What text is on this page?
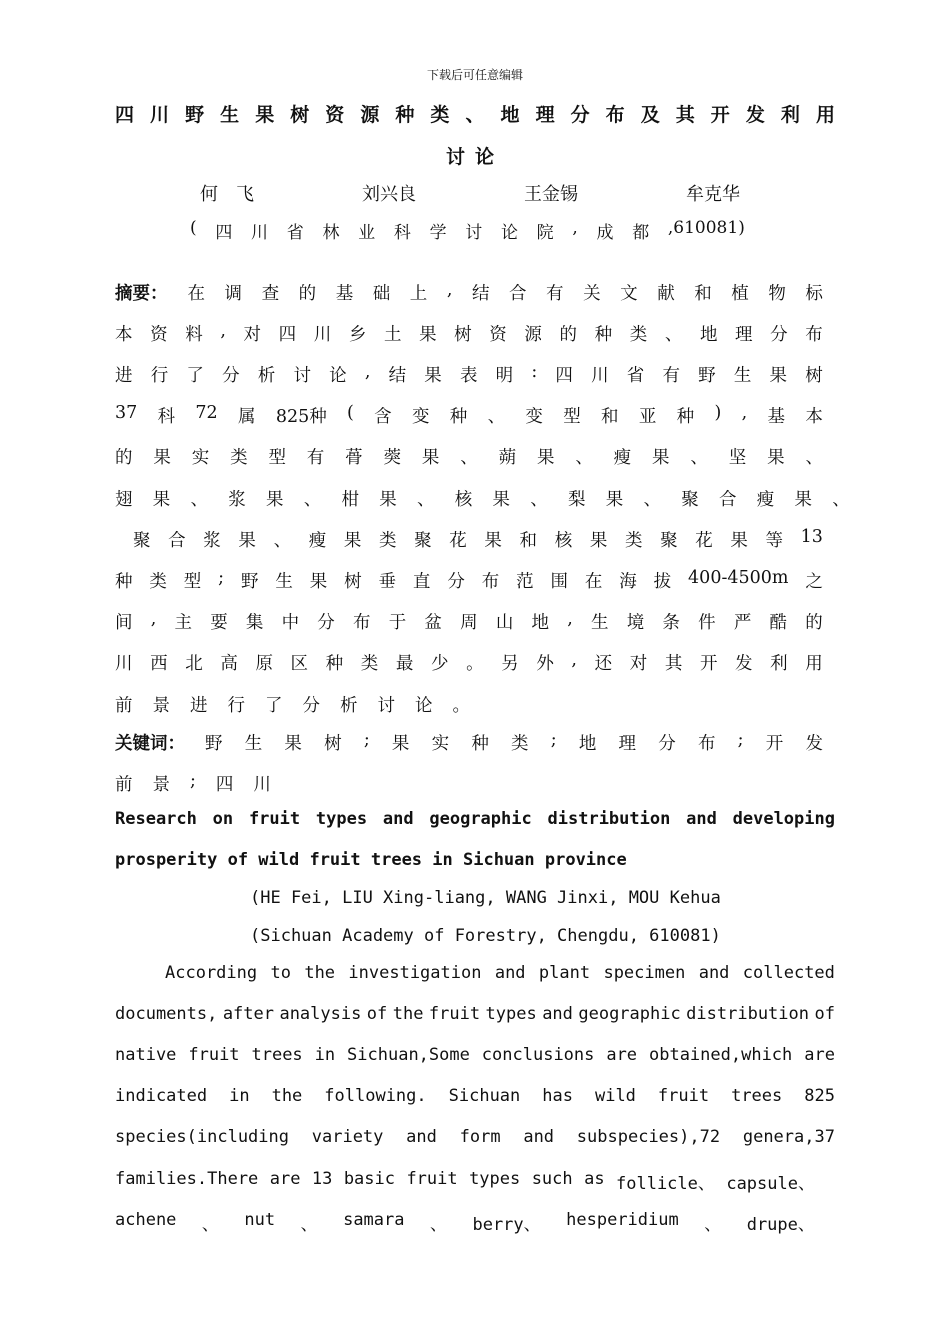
下载后可任意编辑
四 川 野 生 果 树 资 源 种 类 、 地 理 分 布 及 其 开 发 利 用
讨论
何　飞	刘兴良	王金锡	牟克华
( 四 川 省 林 业 科 学 讨 论 院 , 成 都 ,610081)
摘要： 在 调 查 的 基 础 上 , 结 合 有 关 文 献 和 植 物 标
本 资 料 , 对 四 川 乡 土 果 树 资 源 的 种 类 、 地 理 分 布
进 行 了 分 析 讨 论 , 结 果 表 明 : 四 川 省 有 野 生 果 树
37 科 72 属 825种 ( 含 变 种 、 变 型 和 亚 种 ) , 基 本
的 果 实 类 型 有 蓇 葖 果 、 蒴 果 、 瘦 果 、 坚 果 、
翅 果 、 浆 果 、 柑 果 、 核 果 、 梨 果 、 聚 合 瘦 果 、
聚 合 浆 果 、 瘦 果 类 聚 花 果 和 核 果 类 聚 花 果 等 13
种 类 型 ; 野 生 果 树 垂 直 分 布 范 围 在 海 拔 400-4500m 之
间 , 主 要 集 中 分 布 于 盆 周 山 地 , 生 境 条 件 严 酷 的
川 西 北 高 原 区 种 类 最 少 。 另 外 , 还 对 其 开 发 利 用
前 景 进 行 了 分 析 讨 论 。
关键词： 野 生 果 树 ; 果 实 种 类 ; 地 理 分 布 ; 开 发
前 景 ; 四 川
Research on fruit types and geographic distribution and developing
prosperity of wild fruit trees in Sichuan province
(HE Fei, LIU Xing-liang, WANG Jinxi, MOU Kehua
(Sichuan Academy of Forestry, Chengdu, 610081)
According to the investigation and plant specimen and collected
documents, after analysis of the fruit types and geographic distribution of
native fruit trees in Sichuan,Some conclusions are obtained,which are
indicated in the following. Sichuan has wild fruit trees 825
species(including variety and form and subspecies),72 genera,37
families.There are 13 basic fruit types such as follicle、 capsule、
achene 、 nut 、 samara 、 berry、 hesperidium 、 drupe、
